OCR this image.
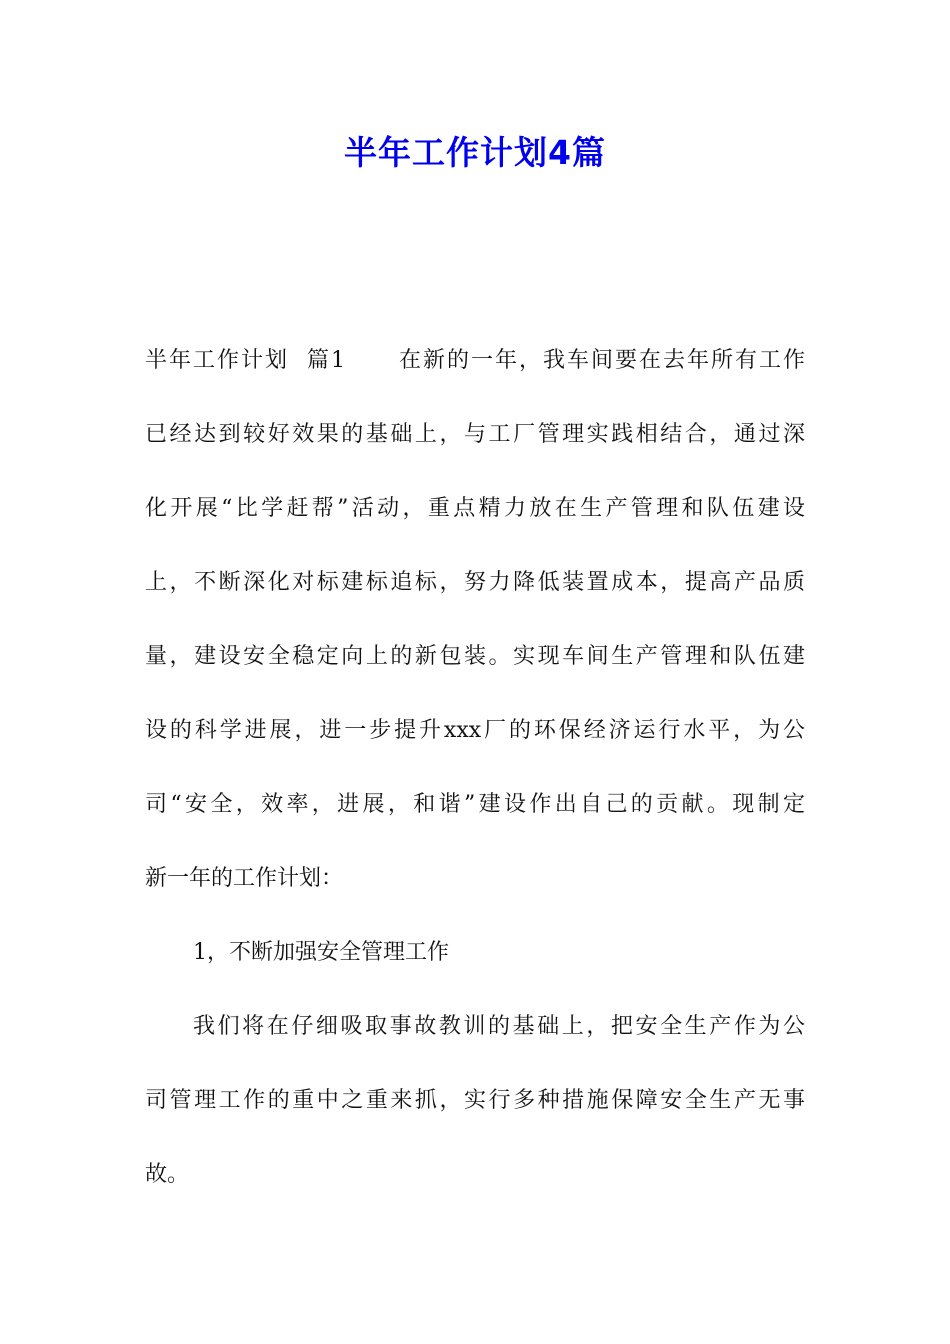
半年工作计划4篇
半年工作计划  篇1      在新的一年，我车间要在去年所有工作
已经达到较好效果的基础上，与工厂管理实践相结合，通过深
化开展“比学赶帮”活动，重点精力放在生产管理和队伍建设
上，不断深化对标建标追标，努力降低装置成本，提高产品质
量，建设安全稳定向上的新包装。实现车间生产管理和队伍建
设的科学进展，进一步提升xxx厂的环保经济运行水平，为公
司“安全，效率，进展，和谐”建设作出自己的贡献。现制定
新一年的工作计划：
1，不断加强安全管理工作
我们将在仔细吸取事故教训的基础上，把安全生产作为公
司管理工作的重中之重来抓，实行多种措施保障安全生产无事
故。
